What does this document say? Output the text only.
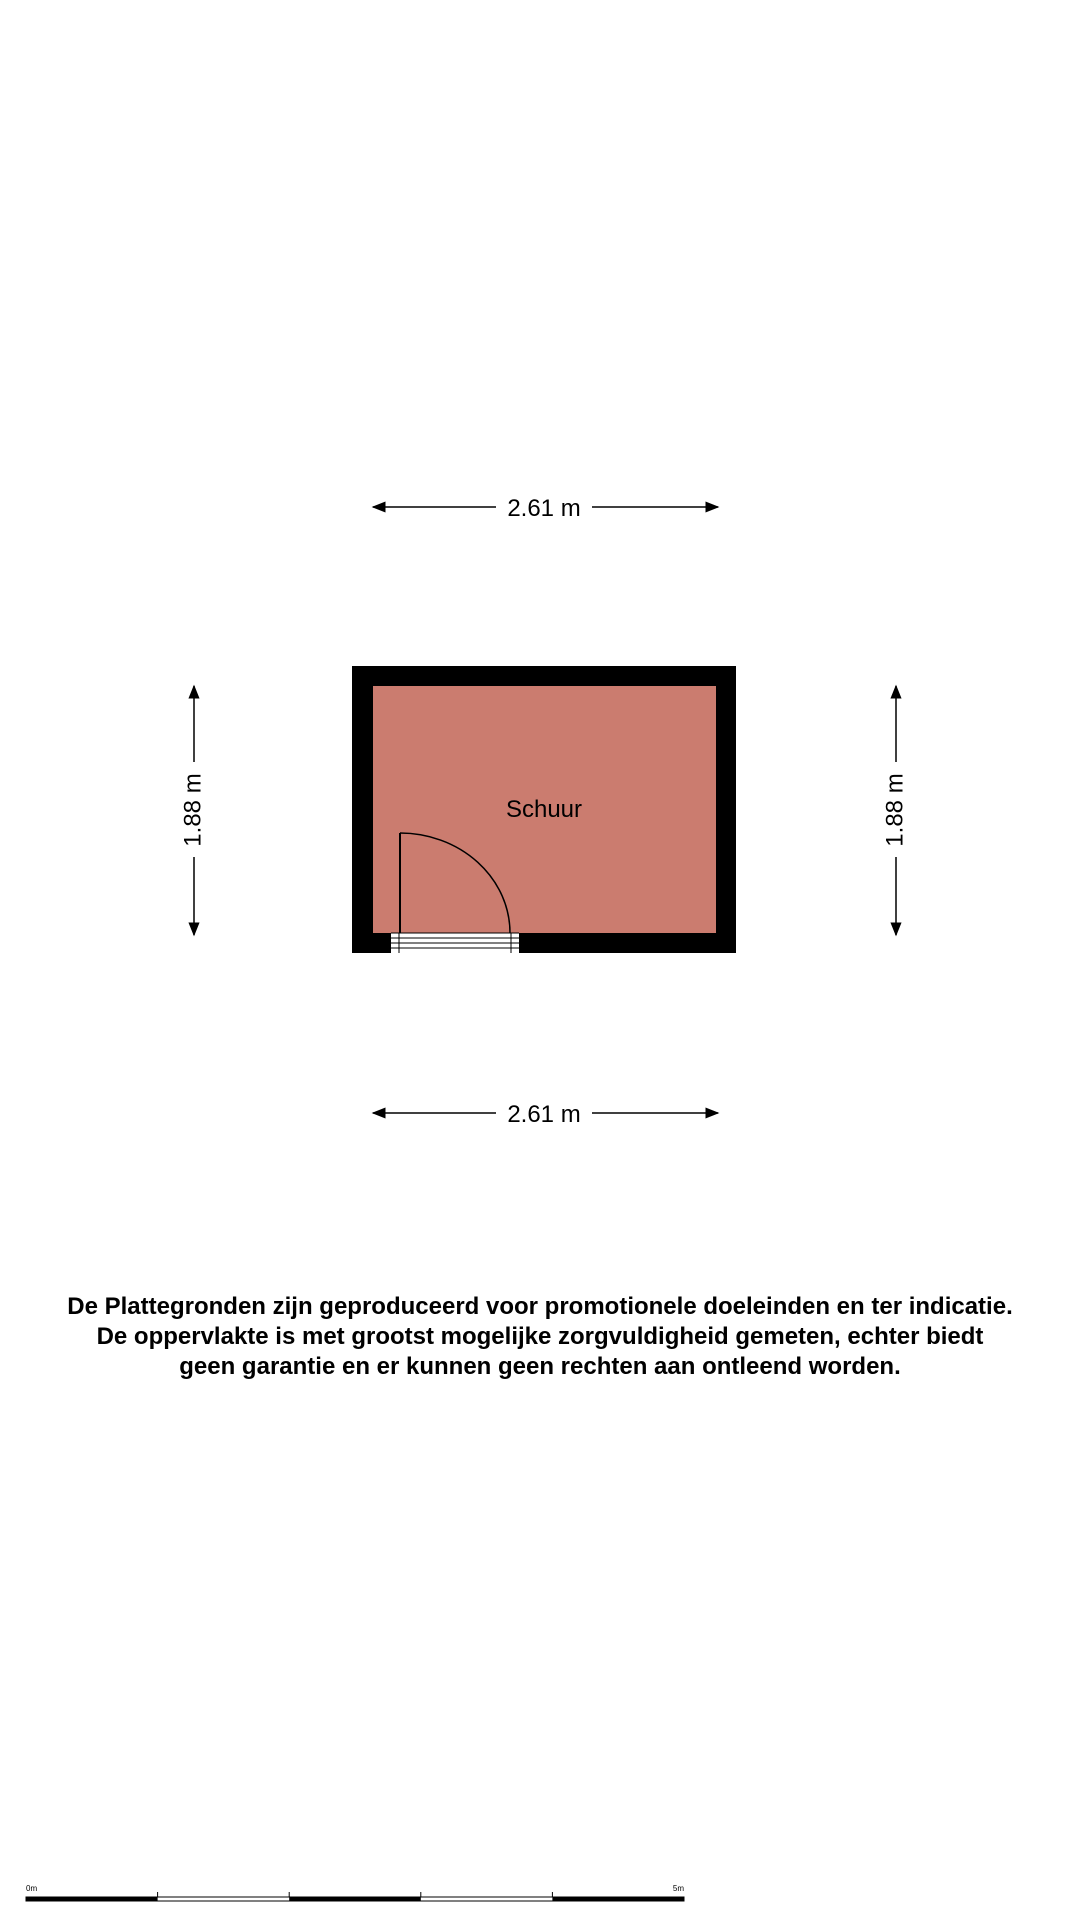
2.61 m
2.61 m
1.88 m	1.88 m
Schuur
0m	5m
De Plattegronden zijn geproduceerd voor promotionele doeleinden en ter indicatie.
De oppervlakte is met grootst mogelijke zorgvuldigheid gemeten, echter biedt
geen garantie en er kunnen geen rechten aan ontleend worden.
